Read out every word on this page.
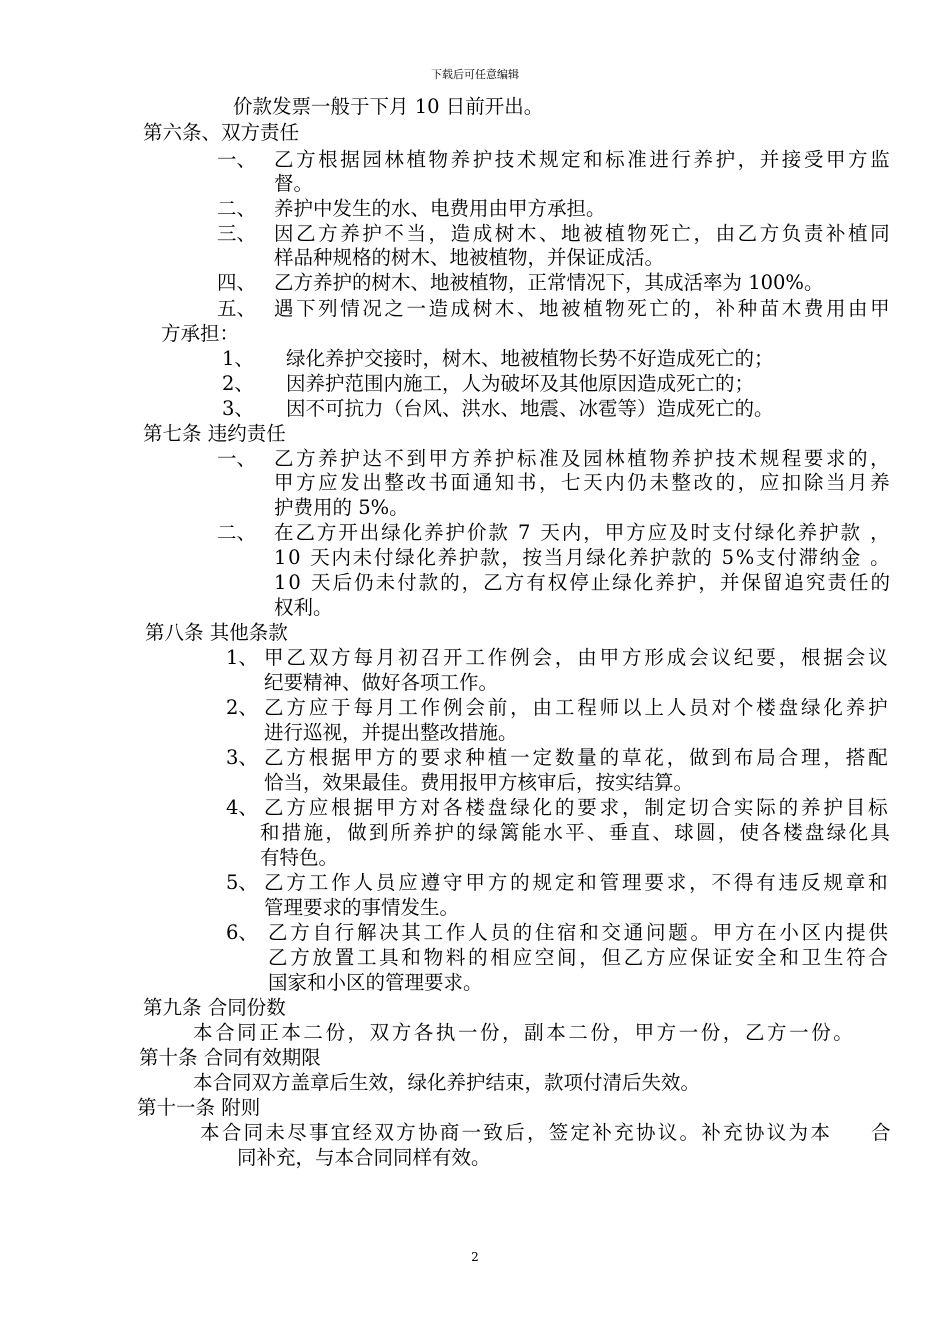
下载后可任意编辑
价款发票一般于下月 10 日前开出。
第六条、双方责任
一、 乙 方 根 据 园 林 植 物 养 护 技 术 规 定 和 标 准 进 行 养 护 ， 并 接 受 甲 方 监
督。
二、 养护中发生的水、电费用由甲方承担。
三、 因 乙 方 养 护 不 当 ， 造 成 树 木 、 地 被 植 物 死 亡 ， 由 乙 方 负 责 补 植 同
样品种规格的树木、地被植物，并保证成活。
四、 乙方养护的树木、地被植物，正常情况下，其成活率为 100%。
五、 遇 下 列 情 况 之 一 造 成 树 木 、 地 被 植 物 死 亡 的 ， 补 种 苗 木 费 用 由 甲
方承担：
1、 绿化养护交接时，树木、地被植物长势不好造成死亡的；
2、 因养护范围内施工，人为破坏及其他原因造成死亡的；
3、 因不可抗力（台风、洪水、地震、冰雹等）造成死亡的。
第七条 违约责任
一、 乙 方 养 护 达 不 到 甲 方 养 护 标 准 及 园 林 植 物 养 护 技 术 规 程 要 求 的 ，
甲 方 应 发 出 整 改 书 面 通 知 书 ， 七 天 内 仍 未 整 改 的 ， 应 扣 除 当 月 养
护费用的 5%。
二、 在 乙 方 开 出 绿 化 养 护 价 款
7
天 内 ， 甲 方 应 及 时 支 付 绿 化 养 护 款
，
1 0
天 内 未 付 绿 化 养 护 款 ， 按 当 月 绿 化 养 护 款 的
5 % 支 付 滞 纳 金
。
1 0
天 后 仍 未 付 款 的 ， 乙 方 有 权 停 止 绿 化 养 护 ， 并 保 留 追 究 责 任 的
权利。
第八条 其他条款
1、 甲 乙 双 方 每 月 初 召 开 工 作 例 会 ， 由 甲 方 形 成 会 议 纪 要 ， 根 据 会 议
纪要精神、做好各项工作。
2、 乙 方 应 于 每 月 工 作 例 会 前 ， 由 工 程 师 以 上 人 员 对 个 楼 盘 绿 化 养 护
进行巡视，并提出整改措施。
3、 乙 方 根 据 甲 方 的 要 求 种 植 一 定 数 量 的 草 花 ， 做 到 布 局 合 理 ， 搭 配
恰当，效果最佳。费用报甲方核审后，按实结算。
4、 乙 方 应 根 据 甲 方 对 各 楼 盘 绿 化 的 要 求 ， 制 定 切 合 实 际 的 养 护 目 标
和 措 施 ， 做 到 所 养 护 的 绿 篱 能 水 平 、 垂 直 、 球 圆 ， 使 各 楼 盘 绿 化 具
有特色。
5、 乙 方 工 作 人 员 应 遵 守 甲 方 的 规 定 和 管 理 要 求 ， 不 得 有 违 反 规 章 和
管理要求的事情发生。
6、 乙 方 自 行 解 决 其 工 作 人 员 的 住 宿 和 交 通 问 题 。 甲 方 在 小 区 内 提 供
乙 方 放 置 工 具 和 物 料 的 相 应 空 间 ， 但 乙 方 应 保 证 安 全 和 卫 生 符 合
国家和小区的管理要求。
第九条 合同份数
本 合 同 正 本 二 份 ， 双 方 各 执 一 份 ， 副 本 二 份 ， 甲 方 一 份 ， 乙 方 一 份 。
第十条 合同有效期限
本合同双方盖章后生效，绿化养护结束，款项付清后失效。
第十一条 附则
本 合 同 未 尽 事 宜 经 双 方 协 商 一 致 后 ， 签 定 补 充 协 议 。 补 充 协 议 为 本 合
同补充，与本合同同样有效。
2
